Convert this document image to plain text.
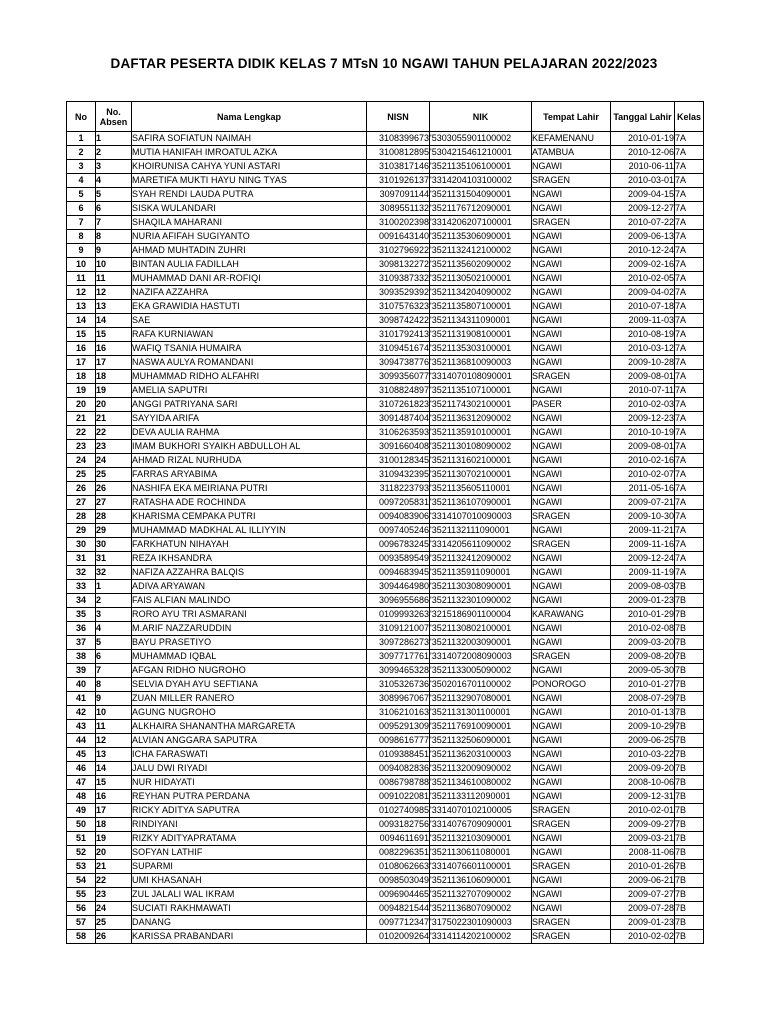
DAFTAR PESERTA DIDIK KELAS 7 MTsN 10 NGAWI TAHUN PELAJARAN 2022/2023
No	No. Absen	Nama Lengkap	NISN	NIK	Tempat Lahir	Tanggal Lahir	Kelas
1	1	SAFIRA SOFIATUN NAIMAH	3108399673	'5303055901100002	KEFAMENANU	2010-01-19	7A
2	2	MUTIA HANIFAH IMROATUL AZKA	3100812895	'5304215461210001	ATAMBUA	2010-12-06	7A
3	3	KHOIRUNISA CAHYA YUNI ASTARI	3103817146	'3521135106100001	NGAWI	2010-06-11	7A
4	4	MARETIFA MUKTI HAYU NING TYAS	3101926137	'3314204103100002	SRAGEN	2010-03-01	7A
5	5	SYAH RENDI LAUDA PUTRA	3097091144	'3521131504090001	NGAWI	2009-04-15	7A
6	6	SISKA WULANDARI	3089551132	'3521176712090001	NGAWI	2009-12-27	7A
7	7	SHAQILA MAHARANI	3100202398	'3314206207100001	SRAGEN	2010-07-22	7A
8	8	NURIA AFIFAH SUGIYANTO	0091643140	'3521135306090001	NGAWI	2009-06-13	7A
9	9	AHMAD MUHTADIN ZUHRI	3102796922	'3521132412100002	NGAWI	2010-12-24	7A
10	10	BINTAN AULIA FADILLAH	3098132272	'3521135602090002	NGAWI	2009-02-16	7A
11	11	MUHAMMAD DANI AR-ROFIQI	3109387332	'3521130502100001	NGAWI	2010-02-05	7A
12	12	NAZIFA AZZAHRA	3093529392	'3521134204090002	NGAWI	2009-04-02	7A
13	13	EKA GRAWIDIA HASTUTI	3107576323	'3521135807100001	NGAWI	2010-07-18	7A
14	14	SAE	3098742422	'3521134311090001	NGAWI	2009-11-03	7A
15	15	RAFA KURNIAWAN	3101792413	'3521131908100001	NGAWI	2010-08-19	7A
16	16	WAFIQ TSANIA HUMAIRA	3109451674	'3521135303100001	NGAWI	2010-03-12	7A
17	17	NASWA AULYA ROMANDANI	3094738776	'3521136810090003	NGAWI	2009-10-28	7A
18	18	MUHAMMAD RIDHO ALFAHRI	3099356077	'3314070108090001	SRAGEN	2009-08-01	7A
19	19	AMELIA SAPUTRI	3108824897	'3521135107100001	NGAWI	2010-07-11	7A
20	20	ANGGI PATRIYANA SARI	3107261823	'3521174302100001	PASER	2010-02-03	7A
21	21	SAYYIDA ARIFA	3091487404	'3521136312090002	NGAWI	2009-12-23	7A
22	22	DEVA AULIA RAHMA	3106263593	'3521135910100001	NGAWI	2010-10-19	7A
23	23	IMAM BUKHORI SYAIKH ABDULLOH AL	3091660408	'3521130108090002	NGAWI	2009-08-01	7A
24	24	AHMAD RIZAL NURHUDA	3100128345	'3521131602100001	NGAWI	2010-02-16	7A
25	25	FARRAS ARYABIMA	3109432395	'3521130702100001	NGAWI	2010-02-07	7A
26	26	NASHIFA EKA MEIRIANA PUTRI	3118223793	'3521135605110001	NGAWI	2011-05-16	7A
27	27	RATASHA ADE ROCHINDA	0097205831	'3521136107090001	NGAWI	2009-07-21	7A
28	28	KHARISMA CEMPAKA PUTRI	0094083906	'3314107010090003	SRAGEN	2009-10-30	7A
29	29	MUHAMMAD MADKHAL AL ILLIYYIN	0097405246	'3521132111090001	NGAWI	2009-11-21	7A
30	30	FARKHATUN NIHAYAH	0096783245	'3314205611090002	SRAGEN	2009-11-16	7A
31	31	REZA IKHSANDRA	0093589549	'3521132412090002	NGAWI	2009-12-24	7A
32	32	NAFIZA AZZAHRA BALQIS	0094683945	'3521135911090001	NGAWI	2009-11-19	7A
33	1	ADIVA ARYAWAN	3094464980	'3521130308090001	NGAWI	2009-08-03	7B
34	2	FAIS ALFIAN MALINDO	3096955686	'3521132301090002	NGAWI	2009-01-23	7B
35	3	RORO AYU TRI ASMARANI	0109993263	'3215186901100004	KARAWANG	2010-01-29	7B
36	4	M.ARIF NAZZARUDDIN	3109121007	'3521130802100001	NGAWI	2010-02-08	7B
37	5	BAYU PRASETIYO	3097286273	'3521132003090001	NGAWI	2009-03-20	7B
38	6	MUHAMMAD IQBAL	3097717761	'3314072008090003	SRAGEN	2009-08-20	7B
39	7	AFGAN RIDHO NUGROHO	3099465328	'3521133005090002	NGAWI	2009-05-30	7B
40	8	SELVIA DYAH AYU SEFTIANA	3105326736	'3502016701100002	PONOROGO	2010-01-27	7B
41	9	ZUAN MILLER RANERO	3089967067	'3521132907080001	NGAWI	2008-07-29	7B
42	10	AGUNG NUGROHO	3106210163	'3521131301100001	NGAWI	2010-01-13	7B
43	11	ALKHAIRA SHANANTHA MARGARETA	0095291309	'3521176910090001	NGAWI	2009-10-29	7B
44	12	ALVIAN ANGGARA SAPUTRA	0098616777	'3521132506090001	NGAWI	2009-06-25	7B
45	13	ICHA FARASWATI	0109388451	'3521136203100003	NGAWI	2010-03-22	7B
46	14	JALU DWI RIYADI	0094082836	'3521132009090002	NGAWI	2009-09-20	7B
47	15	NUR HIDAYATI	0086798788	'3521134610080002	NGAWI	2008-10-06	7B
48	16	REYHAN PUTRA PERDANA	0091022081	'3521133112090001	NGAWI	2009-12-31	7B
49	17	RICKY ADITYA SAPUTRA	0102740985	'3314070102100005	SRAGEN	2010-02-01	7B
50	18	RINDIYANI	0093182756	'3314076709090001	SRAGEN	2009-09-27	7B
51	19	RIZKY ADITYAPRATAMA	0094611691	'3521132103090001	NGAWI	2009-03-21	7B
52	20	SOFYAN LATHIF	0082296351	'3521130611080001	NGAWI	2008-11-06	7B
53	21	SUPARMI	0108062663	'3314076601100001	SRAGEN	2010-01-26	7B
54	22	UMI KHASANAH	0098503049	'3521136106090001	NGAWI	2009-06-21	7B
55	23	ZUL JALALI WAL IKRAM	0096904465	'3521132707090002	NGAWI	2009-07-27	7B
56	24	SUCIATI RAKHMAWATI	0094821544	'3521136807090002	NGAWI	2009-07-28	7B
57	25	DANANG	0097712347	'3175022301090003	SRAGEN	2009-01-23	7B
58	26	KARISSA PRABANDARI	0102009264	'3314114202100002	SRAGEN	2010-02-02	7B
